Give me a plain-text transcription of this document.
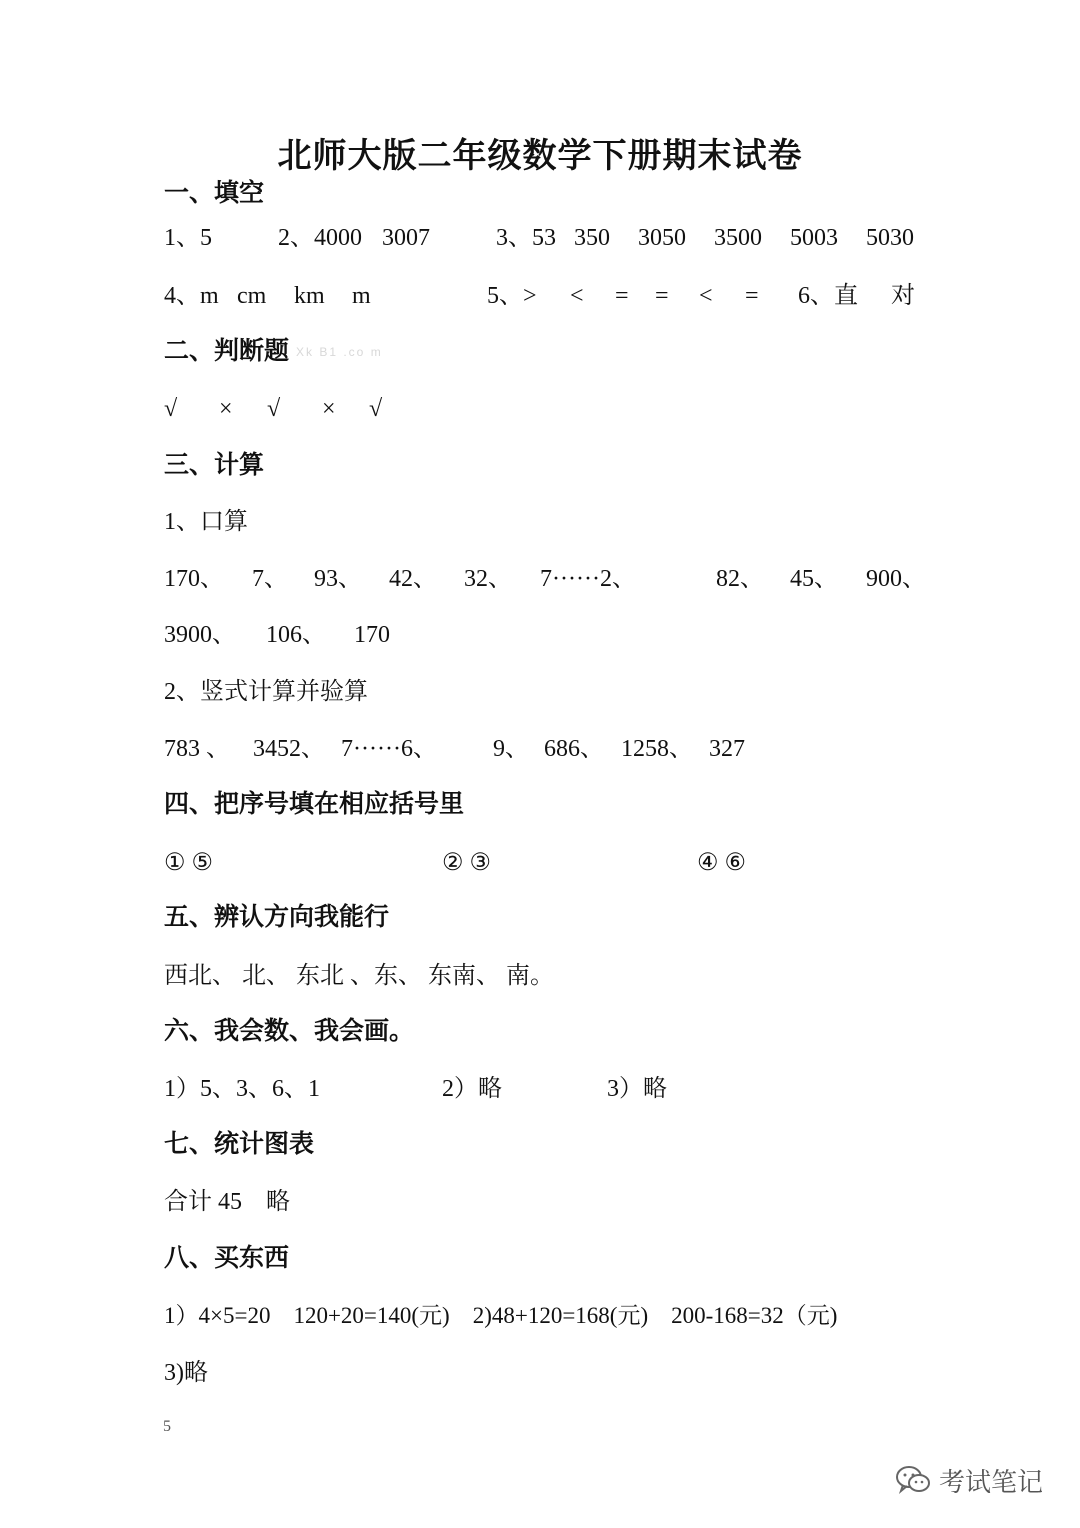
北师大版二年级数学下册期末试卷
一、填空
1、5	2、4000 3007	3、53 350 3050 3500 5003 5030
4、m cm km m	5、> < = = < = 6、直 对
二、判断题 Xk B1 .co m
√ × √ × √
三、计算
1、口算
170、 7、 93、 42、 32、 7······2、	82、 45、 900、
3900、 106、 170
2、竖式计算并验算
783 、 3452、 7······6、 9、 686、 1258、 327
四、把序号填在相应括号里
① ⑤	② ③	④ ⑥
五、辨认方向我能行
西北、 北、 东北 、东、 东南、 南。
六、我会数、我会画。
1）5、3、6、1	2）略	3）略
七、统计图表
合计 45    略
八、买东西
1）4×5=20    120+20=140(元)    2)48+120=168(元)    200-168=32（元)
3)略
5
考试笔记
